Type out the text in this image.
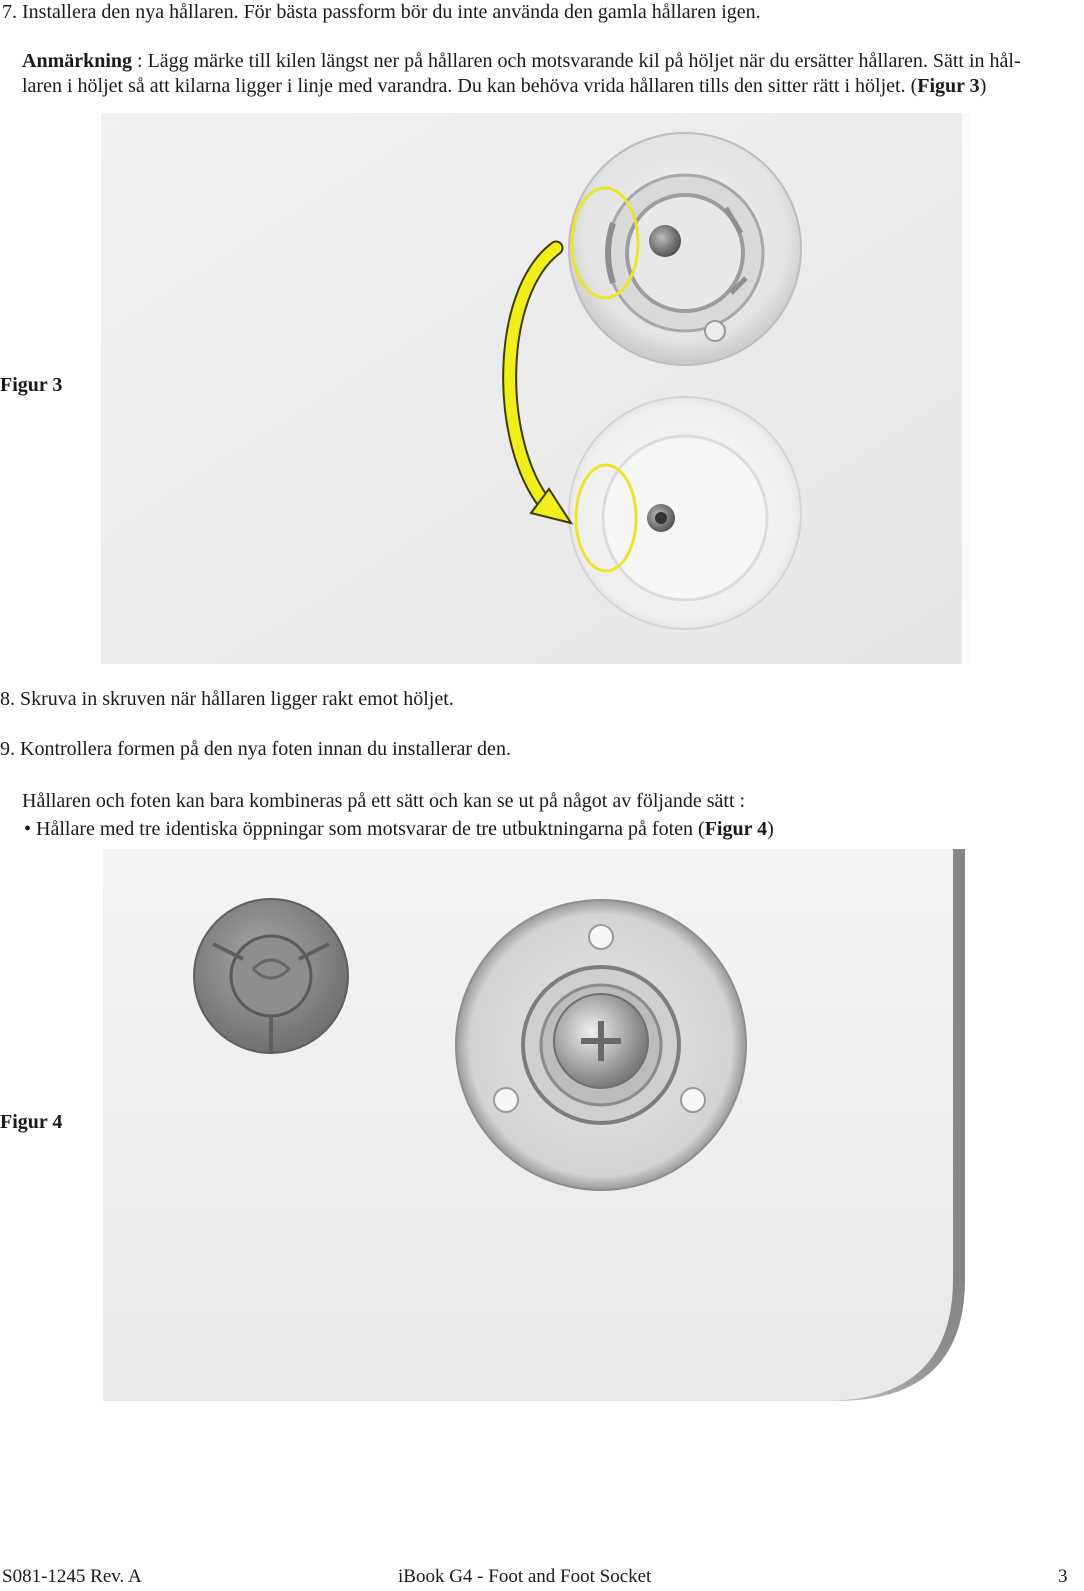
7. Installera den nya hållaren. För bästa passform bör du inte använda den gamla hållaren igen.
Anmärkning : Lägg märke till kilen längst ner på hållaren och motsvarande kil på höljet när du ersätter hållaren. Sätt in hål-
laren i höljet så att kilarna ligger i linje med varandra. Du kan behöva vrida hållaren tills den sitter rätt i höljet. (Figur 3)
Figur 3
8. Skruva in skruven när hållaren ligger rakt emot höljet.
9. Kontrollera formen på den nya foten innan du installerar den.
Hållaren och foten kan bara kombineras på ett sätt och kan se ut på något av följande sätt :
• Hållare med tre identiska öppningar som motsvarar de tre utbuktningarna på foten (Figur 4)
Figur 4
S081-1245 Rev. A	iBook G4 - Foot and Foot Socket	3
